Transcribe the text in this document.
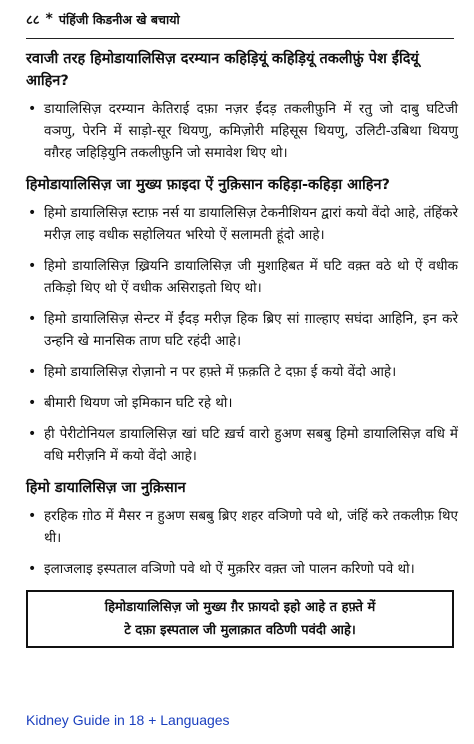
८८ * पंहिंजी किडनीअ खे बचायो
रवाजी तरह हिमोडायालिसिज़ दरम्यान कहिड़ियूं कहिड़ियूं तकलीफ़ुं पेश ईंदियूं आहिन?
• डायालिसिज़ दरम्यान केतिराई दफ़ा नज़र ईंदड़ तकलीफ़ुनि में रतु जो दाबु घटिजी वञणु, पेरनि में साड़ो-सूर थियणु, कमिज़ोरी महिसूस थियणु, उलिटी-उबिथा थियणु वग़ैरह जहिड़ियुनि तकलीफ़ुनि जो समावेश थिए थो।
हिमोडायालिसिज़ जा मुख्य फ़ाइदा ऐं नुक़िसान कहिड़ा-कहिड़ा आहिन?
• हिमो डायालिसिज़ स्टाफ़ नर्स या डायालिसिज़ टेकनीशियन द्वारां कयो वेंदो आहे, तंहिंकरे मरीज़ लाइ वधीक सहोलियत भरियो ऐं सलामती हूंदो आहे।
• हिमो डायालिसिज़ ख़्रियनि डायालिसिज़ जी मुशाहिबत में घटि वक़्त वठे थो ऐं वधीक तकिड़ो थिए थो ऐं वधीक असिराइतो थिए थो।
• हिमो डायालिसिज़ सेन्टर में ईंदड़ मरीज़ हिक ब्रिए सां ग़ाल्हाए सघंदा आहिनि, इन करे उन्हनि खे मानसिक ताण घटि रहंदी आहे।
• हिमो डायालिसिज़ रोज़ानो न पर हफ़्ते में फ़क़ति टे दफ़ा ई कयो वेंदो आहे।
• बीमारी थियण जो इमिकान घटि रहे थो।
• ही पेरीटोनियल डायालिसिज़ खां घटि ख़र्च वारो हुअण सबबु हिमो डायालिसिज़ वधि में वधि मरीज़नि में कयो वेंदो आहे।
हिमो डायालिसिज़ जा नुक़िसान
• हरहिक ग़ोठ में मैसर न हुअण सबबु ब्रिए शहर वञिणो पवे थो, जंहिं करे तकलीफ़ थिए थी।
• इलाजलाइ इस्पताल वञिणो पवे थो ऐं मुक़रिर वक़्त जो पालन करिणो पवे थो।
हिमोडायालिसिज़ जो मुख्य ग़ैर फ़ायदो इहो आहे त हफ़्ते में
टे दफ़ा इस्पताल जी मुलाक़ात वठिणी पवंदी आहे।
Kidney Guide in 18 + Languages
